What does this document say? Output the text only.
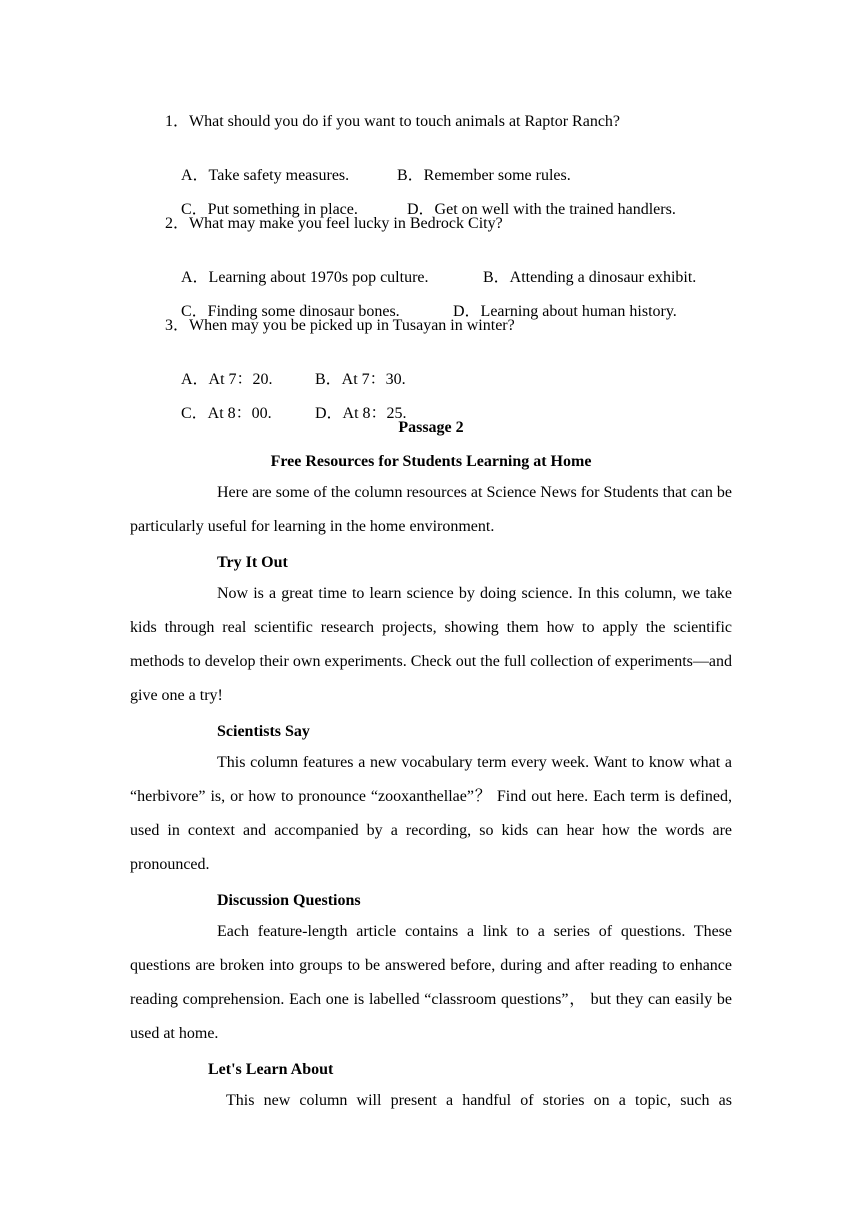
1．What should you do if you want to touch animals at Raptor Ranch?

A．Take safety measures.	B．Remember some rules.

C．Put something in place.	D．Get on well with the trained handlers.

2．What may make you feel lucky in Bedrock City?

A．Learning about 1970s pop culture.	B．Attending a dinosaur exhibit.

C．Finding some dinosaur bones.	D．Learning about human history.

3．When may you be picked up in Tusayan in winter?

A．At 7：20.	B．At 7：30.

C．At 8：00.	D．At 8：25.

Passage 2
Free Resources for Students Learning at Home
Here are some of the column resources at Science News for Students that can be particularly useful for learning in the home environment.
Try It Out
Now is a great time to learn science by doing science. In this column, we take kids through real scientific research projects, showing them how to apply the scientific methods to develop their own experiments. Check out the full collection of experiments—and give one a try!
Scientists Say
This column features a new vocabulary term every week. Want to know what a “herbivore” is, or how to pronounce “zooxanthellae”？ Find out here. Each term is defined, used in context and accompanied by a recording, so kids can hear how the words are pronounced.
Discussion Questions
Each feature-length article contains a link to a series of questions. These questions are broken into groups to be answered before, during and after reading to enhance reading comprehension. Each one is labelled “classroom questions”， but they can easily be used at home.
Let's Learn About
This new column will present a handful of stories on a topic, such as
